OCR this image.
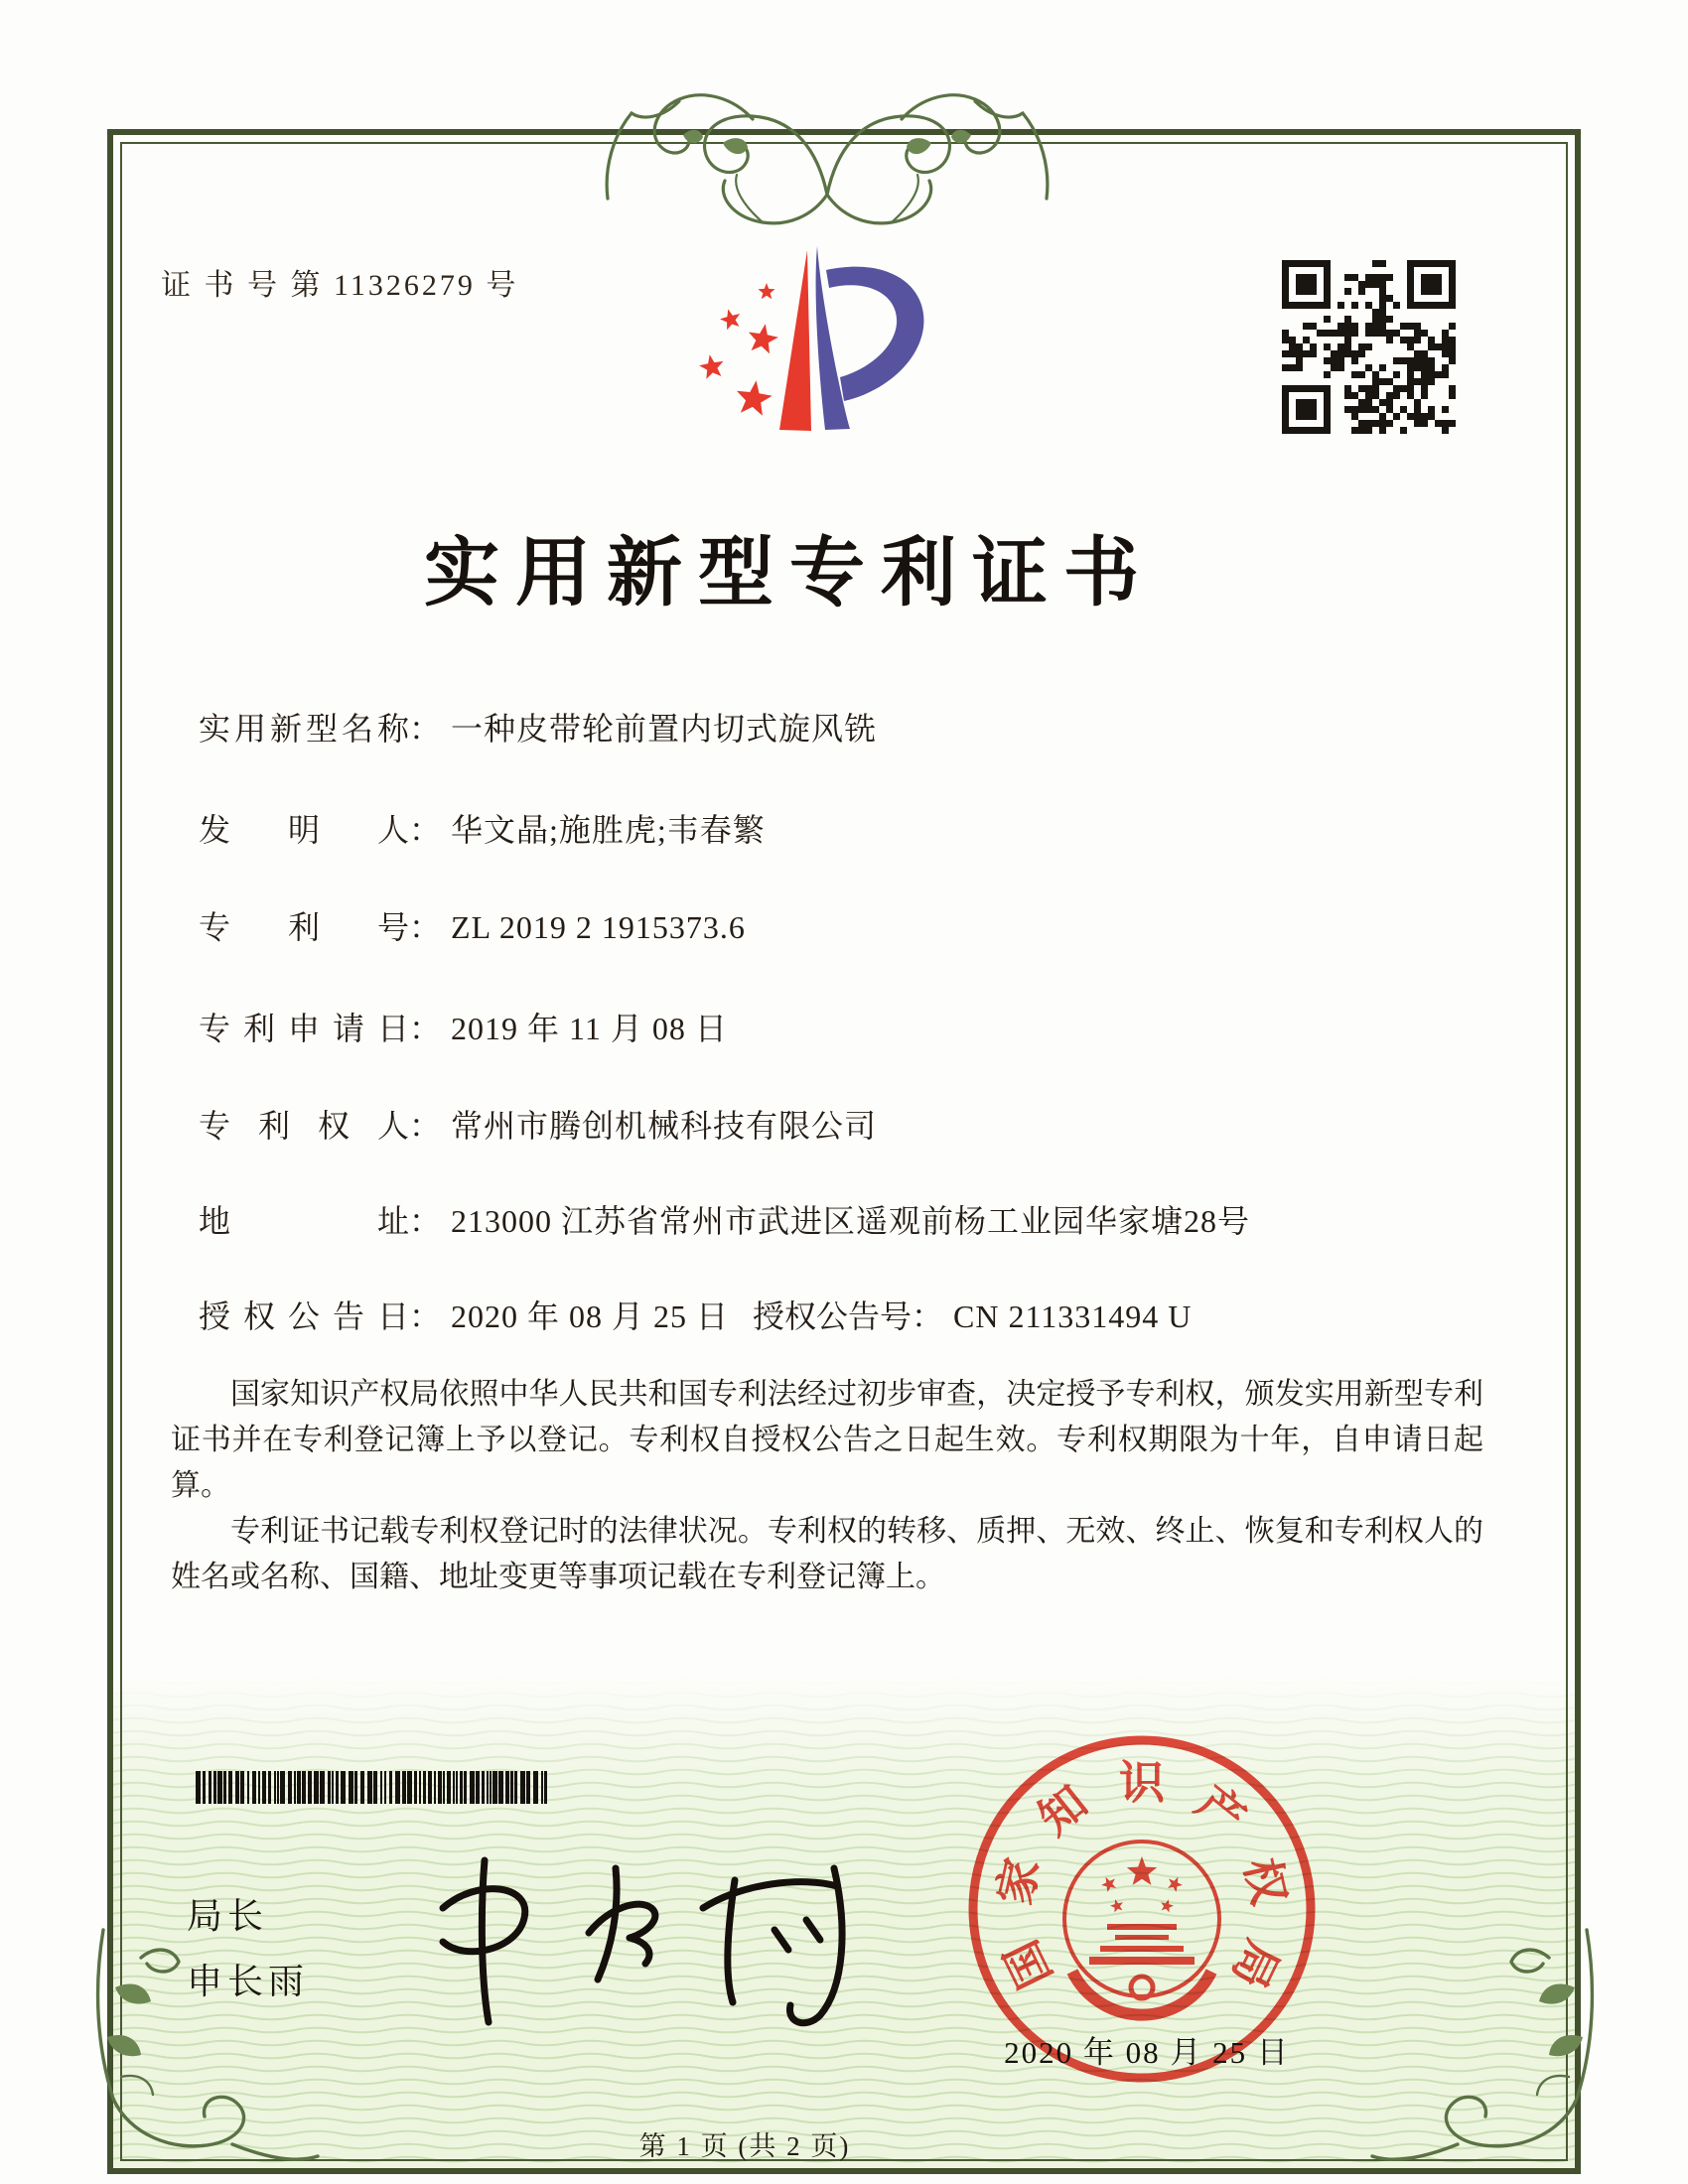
证 书 号 第 11326279 号
实用新型专利证书
实用新型名称： 一种皮带轮前置内切式旋风铣
发明人： 华文晶;施胜虎;韦春繁
专利号： ZL 2019 2 1915373.6
专利申请日： 2019 年 11 月 08 日
专利权人： 常州市腾创机械科技有限公司
地址： 213000 江苏省常州市武进区遥观前杨工业园华家塘28号
授权公告日： 2020 年 08 月 25 日 授权公告号： CN 211331494 U

国家知识产权局依照中华人民共和国专利法经过初步审查，决定授予专利权，颁发实用新型专利证书并在专利登记簿上予以登记。专利权自授权公告之日起生效。专利权期限为十年，自申请日起算。

专利证书记载专利权登记时的法律状况。专利权的转移、质押、无效、终止、恢复和专利权人的姓名或名称、国籍、地址变更等事项记载在专利登记簿上。

局长
申长雨	国
家
知 识 产
权
局
2020 年 08 月 25 日
第 1 页 (共 2 页)
